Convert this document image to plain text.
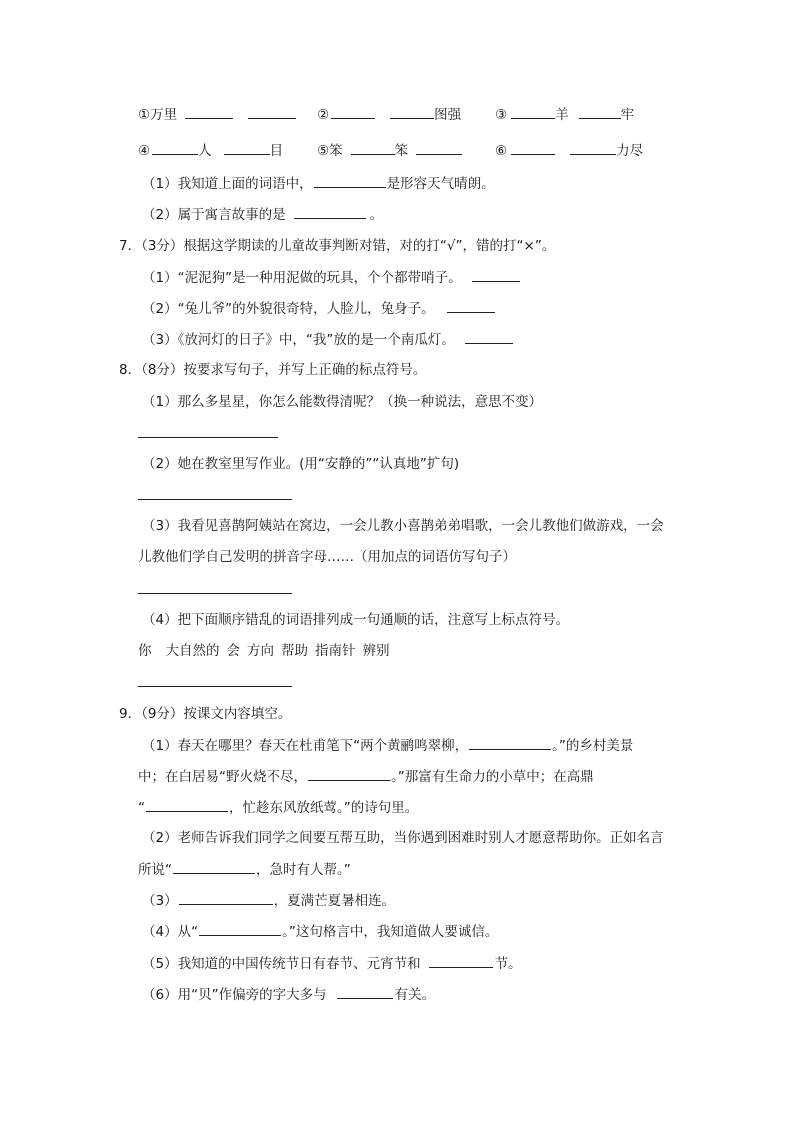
①万里	②	图强	③	羊	牢
④	人	目	⑤笨	笨	⑥	力尽
（1）我知道上面的词语中，	是形容天气晴朗。
（2）属于寓言故事的是	。
7．（3分）根据这学期读的儿童故事判断对错，对的打“√”，错的打“×”。
（1）“泥泥狗”是一种用泥做的玩具，个个都带哨子。
（2）“兔儿爷”的外貌很奇特，人脸儿，兔身子。
（3）《放河灯的日子》中，“我”放的是一个南瓜灯。
8．（8分）按要求写句子，并写上正确的标点符号。
（1）那么多星星，你怎么能数得清呢？（换一种说法，意思不变）
（2）她在教室里写作业。(用“安静的”“认真地”扩句)
（3）我看见喜鹊阿姨站在窝边，一会儿教小喜鹊弟弟唱歌，一会儿教他们做游戏，一会
儿教他们学自己发明的拼音字母……（用加点的词语仿写句子）
（4）把下面顺序错乱的词语排列成一句通顺的话，注意写上标点符号。
你 大自然的 会 方向 帮助 指南针 辨别
9．（9分）按课文内容填空。
（1）春天在哪里？春天在杜甫笔下“两个黄鹂鸣翠柳，	。”的乡村美景
中；在白居易“野火烧不尽，	。”那富有生命力的小草中；在高鼎
“	，忙趁东风放纸莺。”的诗句里。
（2）老师告诉我们同学之间要互帮互助，当你遇到困难时别人才愿意帮助你。正如名言
所说“	，急时有人帮。”
（3）	，夏满芒夏暑相连。
（4）从“	。”这句格言中，我知道做人要诚信。
（5）我知道的中国传统节日有春节、元宵节和	节。
（6）用“贝”作偏旁的字大多与	有关。
